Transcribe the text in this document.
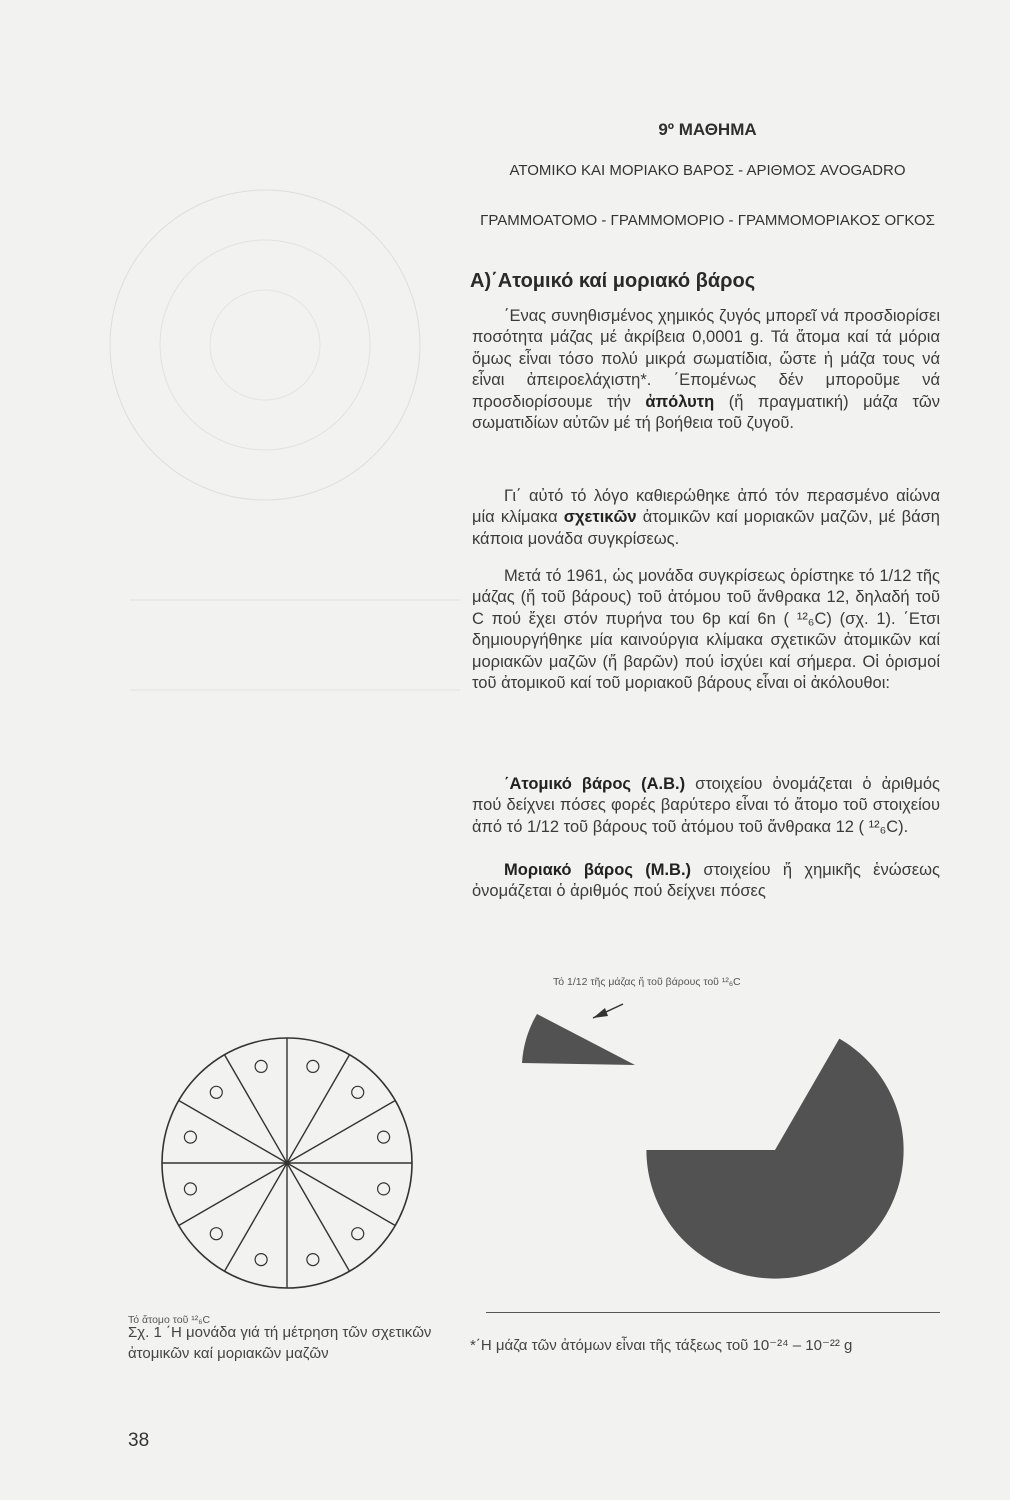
9º ΜΑΘΗΜΑ
ΑΤΟΜΙΚΟ ΚΑΙ ΜΟΡΙΑΚΟ ΒΑΡΟΣ - ΑΡΙΘΜΟΣ AVOGADRO
ΓΡΑΜΜΟΑΤΟΜΟ - ΓΡΑΜΜΟΜΟΡΙΟ - ΓΡΑΜΜΟΜΟΡΙΑΚΟΣ ΟΓΚΟΣ
Α)΄Ατομικό καί μοριακό βάρος

΄Ενας συνηθισμένος χημικός ζυγός μπορεῖ νά προσδιορίσει ποσότητα μάζας μέ ἀκρίβεια 0,0001 g. Τά ἄτομα καί τά μόρια ὅμως εἶναι τόσο πολύ μικρά σωματίδια, ὥστε ἡ μάζα τους νά εἶναι ἀπειροελάχιστη*. ΄Επομένως δέν μποροῦμε νά προσδιορίσουμε τήν ἀπόλυτη (ἤ πραγματική) μάζα τῶν σωματιδίων αὐτῶν μέ τή βοήθεια τοῦ ζυγοῦ.

Γι΄ αὐτό τό λόγο καθιερώθηκε ἀπό τόν περασμένο αἰώνα μία κλίμακα σχετικῶν ἀτομικῶν καί μοριακῶν μαζῶν, μέ βάση κάποια μονάδα συγκρίσεως.

Μετά τό 1961, ὡς μονάδα συγκρίσεως ὁρίστηκε τό 1/12 τῆς μάζας (ἤ τοῦ βάρους) τοῦ ἀτόμου τοῦ ἄνθρακα 12, δηλαδή τοῦ C πού ἔχει στόν πυρήνα του 6p καί 6n ( ¹²₆C) (σχ. 1). ΄Ετσι δημιουργήθηκε μία καινούργια κλίμακα σχετικῶν ἀτομικῶν καί μοριακῶν μαζῶν (ἤ βαρῶν) πού ἰσχύει καί σήμερα. Οἱ ὁρισμοί τοῦ ἀτομικοῦ καί τοῦ μοριακοῦ βάρους εἶναι οἱ ἀκόλουθοι:

΄Ατομικό βάρος (Α.Β.) στοιχείου ὀνομάζεται ὁ ἀριθμός πού δείχνει πόσες φορές βαρύτερο εἶναι τό ἄτομο τοῦ στοιχείου ἀπό τό 1/12 τοῦ βάρους τοῦ ἀτόμου τοῦ ἄνθρακα 12 ( ¹²₆C).

Μοριακό βάρος (Μ.Β.) στοιχείου ἤ χημικῆς ἑνώσεως ὀνομάζεται ὁ ἀριθμός πού δείχνει πόσες

Τό 1/12 τῆς μάζας ἤ τοῦ βάρους τοῦ ¹²₆C
Τό ἄτομο τοῦ ¹²₆C
Σχ. 1 ΄Η μονάδα γιά τή μέτρηση τῶν σχετικῶν ἀτομικῶν καί μοριακῶν μαζῶν	*΄Η μάζα τῶν ἀτόμων εἶναι τῆς τάξεως τοῦ 10⁻²⁴ – 10⁻²² g
38
